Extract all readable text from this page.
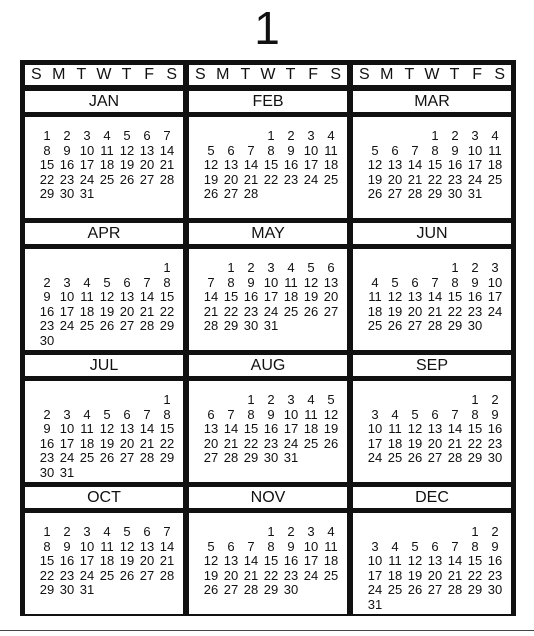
1
S M T W T F S
JAN
1 2 3 4 5 6 7
8 9 10 11 12 13 14
15 16 17 18 19 20 21
22 23 24 25 26 27 28
29 30 31
APR
1
2 3 4 5 6 7 8
9 10 11 12 13 14 15
16 17 18 19 20 21 22
23 24 25 26 27 28 29
30
JUL
1
2 3 4 5 6 7 8
9 10 11 12 13 14 15
16 17 18 19 20 21 22
23 24 25 26 27 28 29
30 31
OCT
1 2 3 4 5 6 7
8 9 10 11 12 13 14
15 16 17 18 19 20 21
22 23 24 25 26 27 28
29 30 31
S M T W T F S
FEB
1 2 3 4
5 6 7 8 9 10 11
12 13 14 15 16 17 18
19 20 21 22 23 24 25
26 27 28
MAY
1 2 3 4 5 6
7 8 9 10 11 12 13
14 15 16 17 18 19 20
21 22 23 24 25 26 27
28 29 30 31
AUG
1 2 3 4 5
6 7 8 9 10 11 12
13 14 15 16 17 18 19
20 21 22 23 24 25 26
27 28 29 30 31
NOV
1 2 3 4
5 6 7 8 9 10 11
12 13 14 15 16 17 18
19 20 21 22 23 24 25
26 27 28 29 30
S M T W T F S
MAR
1 2 3 4
5 6 7 8 9 10 11
12 13 14 15 16 17 18
19 20 21 22 23 24 25
26 27 28 29 30 31
JUN
1 2 3
4 5 6 7 8 9 10
11 12 13 14 15 16 17
18 19 20 21 22 23 24
25 26 27 28 29 30
SEP
1 2
3 4 5 6 7 8 9
10 11 12 13 14 15 16
17 18 19 20 21 22 23
24 25 26 27 28 29 30
DEC
1 2
3 4 5 6 7 8 9
10 11 12 13 14 15 16
17 18 19 20 21 22 23
24 25 26 27 28 29 30
31
